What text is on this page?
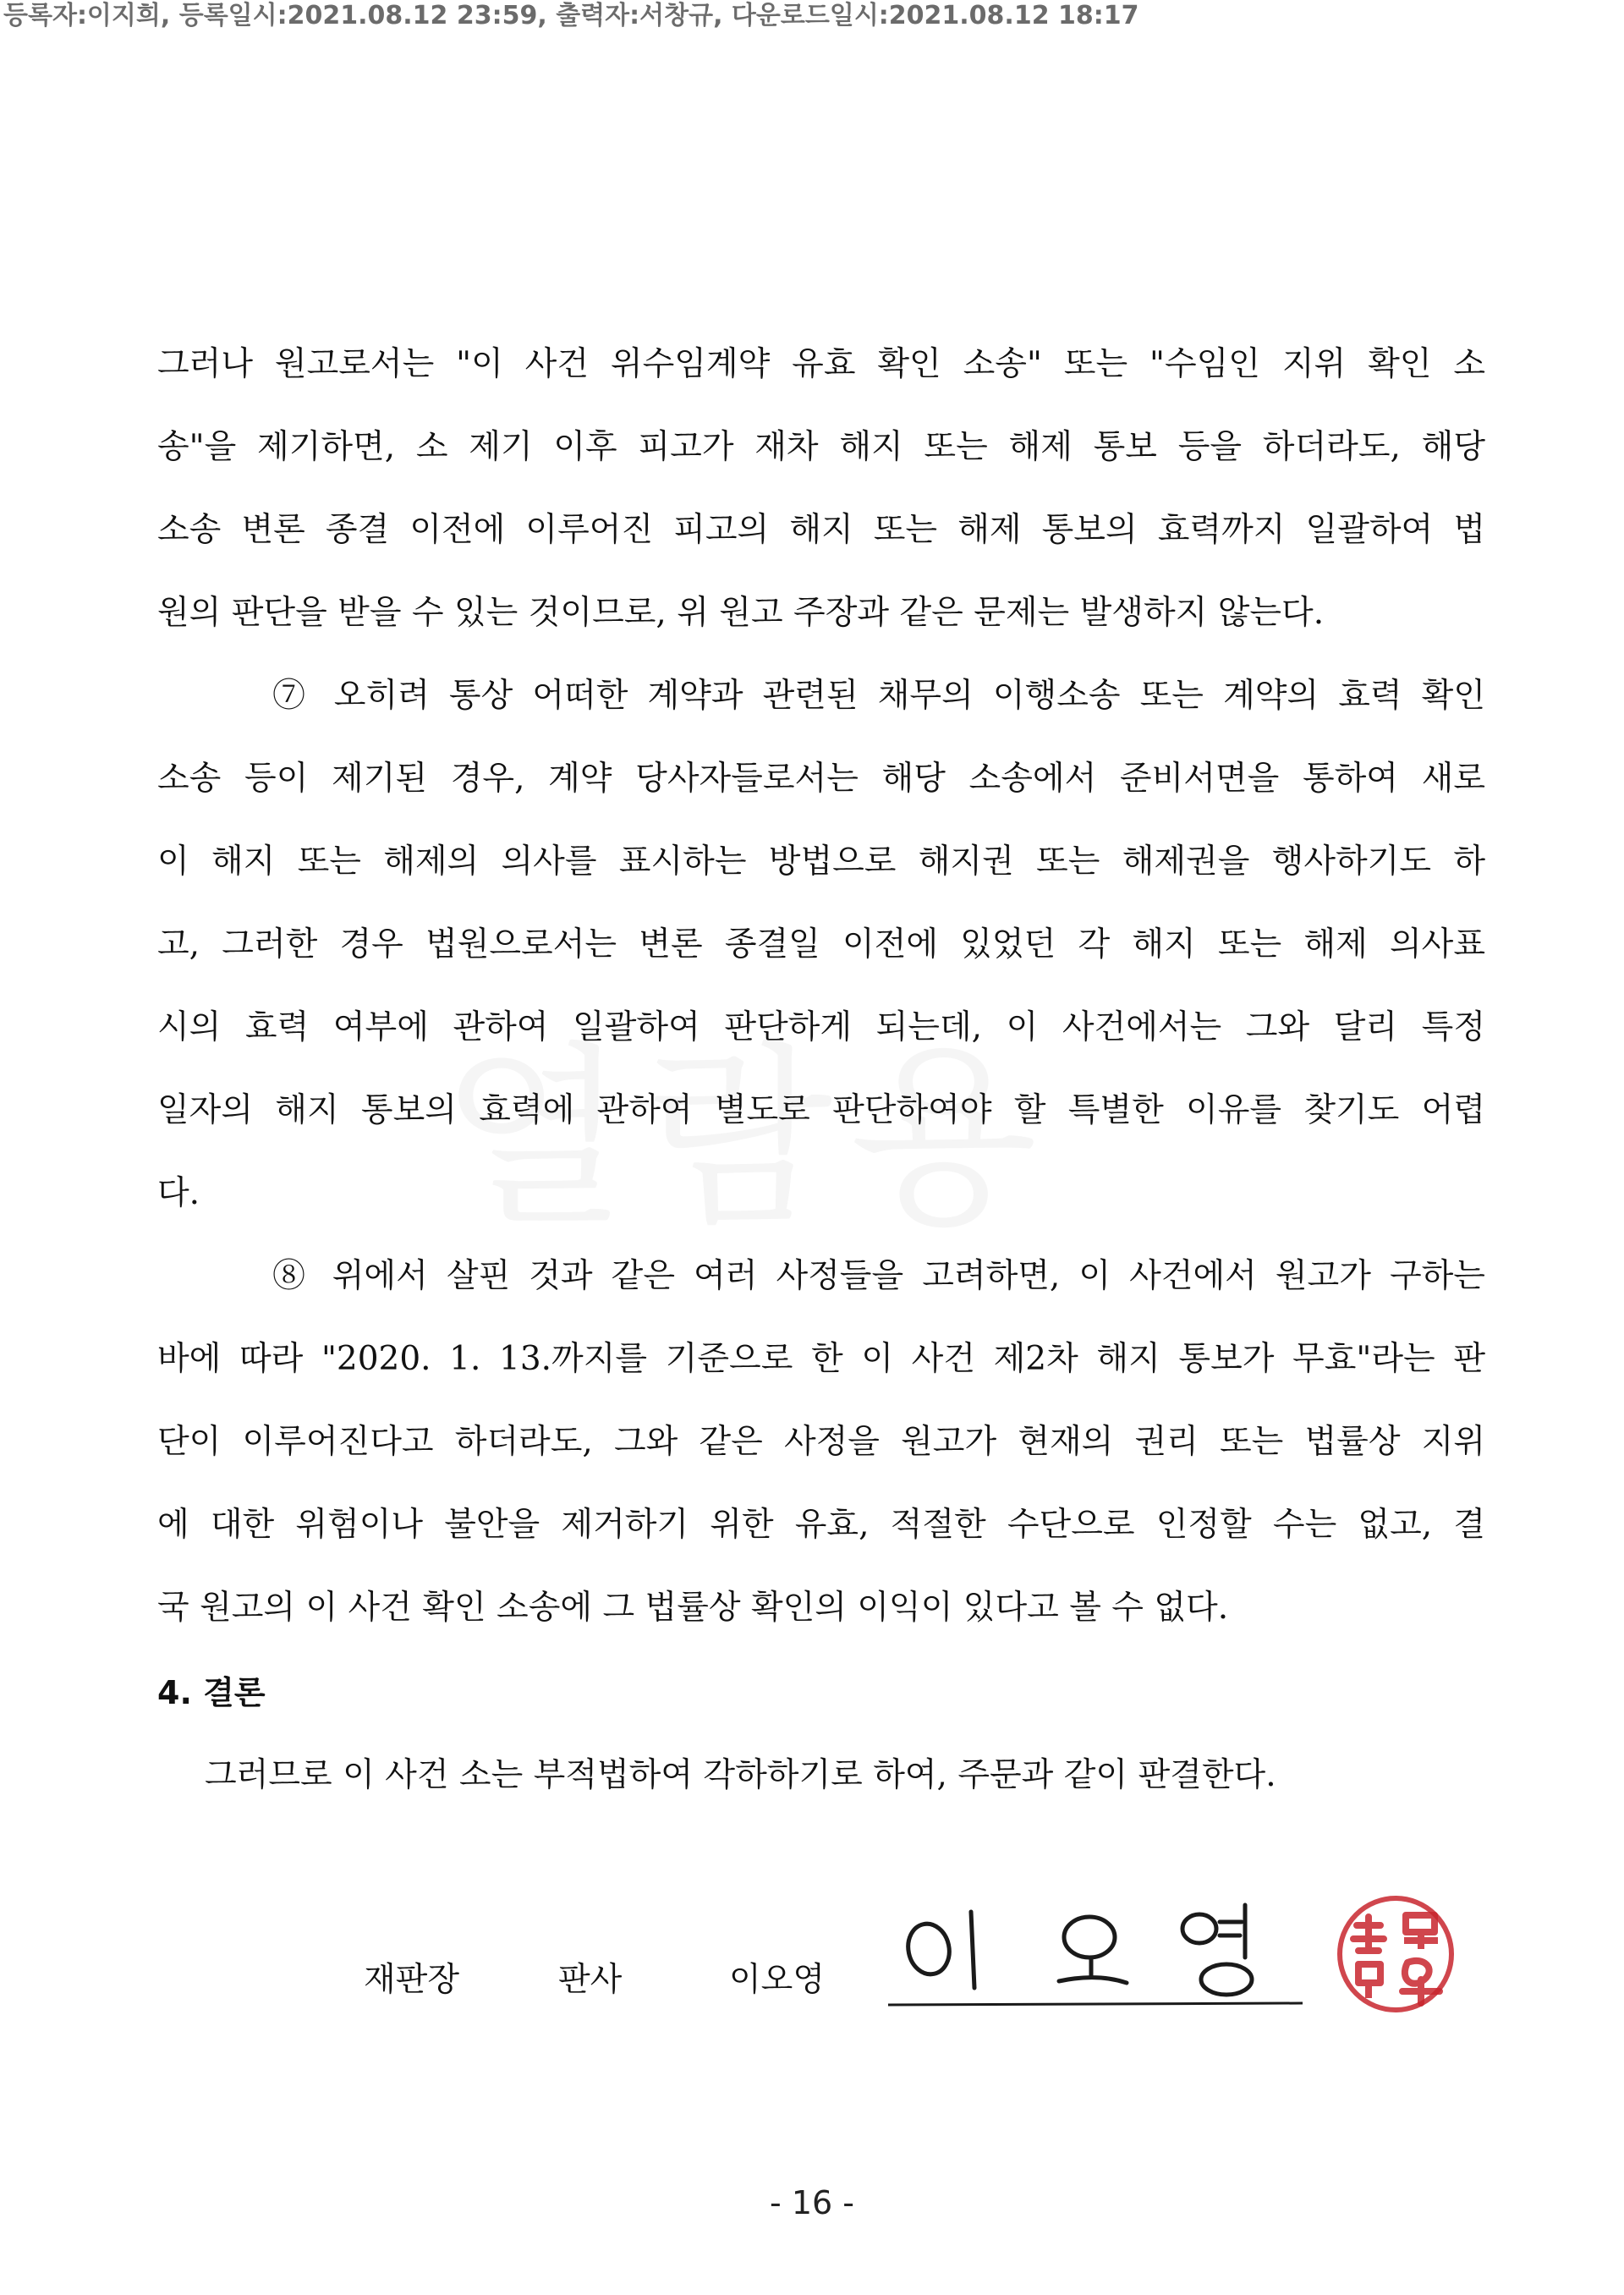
등록자:이지희, 등록일시:2021.08.12 23:59, 출력자:서창규, 다운로드일시:2021.08.12 18:17
그러나 원고로서는 "이 사건 위수임계약 유효 확인 소송" 또는 "수임인 지위 확인 소
송"을 제기하면, 소 제기 이후 피고가 재차 해지 또는 해제 통보 등을 하더라도, 해당
소송 변론 종결 이전에 이루어진 피고의 해지 또는 해제 통보의 효력까지 일괄하여 법
원의 판단을 받을 수 있는 것이므로, 위 원고 주장과 같은 문제는 발생하지 않는다.
⑦ 오히려 통상 어떠한 계약과 관련된 채무의 이행소송 또는 계약의 효력 확인
소송 등이 제기된 경우, 계약 당사자들로서는 해당 소송에서 준비서면을 통하여 새로
이 해지 또는 해제의 의사를 표시하는 방법으로 해지권 또는 해제권을 행사하기도 하
고, 그러한 경우 법원으로서는 변론 종결일 이전에 있었던 각 해지 또는 해제 의사표
시의 효력 여부에 관하여 일괄하여 판단하게 되는데, 이 사건에서는 그와 달리 특정
일자의 해지 통보의 효력에 관하여 별도로 판단하여야 할 특별한 이유를 찾기도 어렵
다.
⑧ 위에서 살핀 것과 같은 여러 사정들을 고려하면, 이 사건에서 원고가 구하는
바에 따라 "2020. 1. 13.까지를 기준으로 한 이 사건 제2차 해지 통보가 무효"라는 판
단이 이루어진다고 하더라도, 그와 같은 사정을 원고가 현재의 권리 또는 법률상 지위
에 대한 위험이나 불안을 제거하기 위한 유효, 적절한 수단으로 인정할 수는 없고, 결
국 원고의 이 사건 확인 소송에 그 법률상 확인의 이익이 있다고 볼 수 없다.
4. 결론
그러므로 이 사건 소는 부적법하여 각하하기로 하여, 주문과 같이 판결한다.
재판장	판사	이오영
- 16 -
